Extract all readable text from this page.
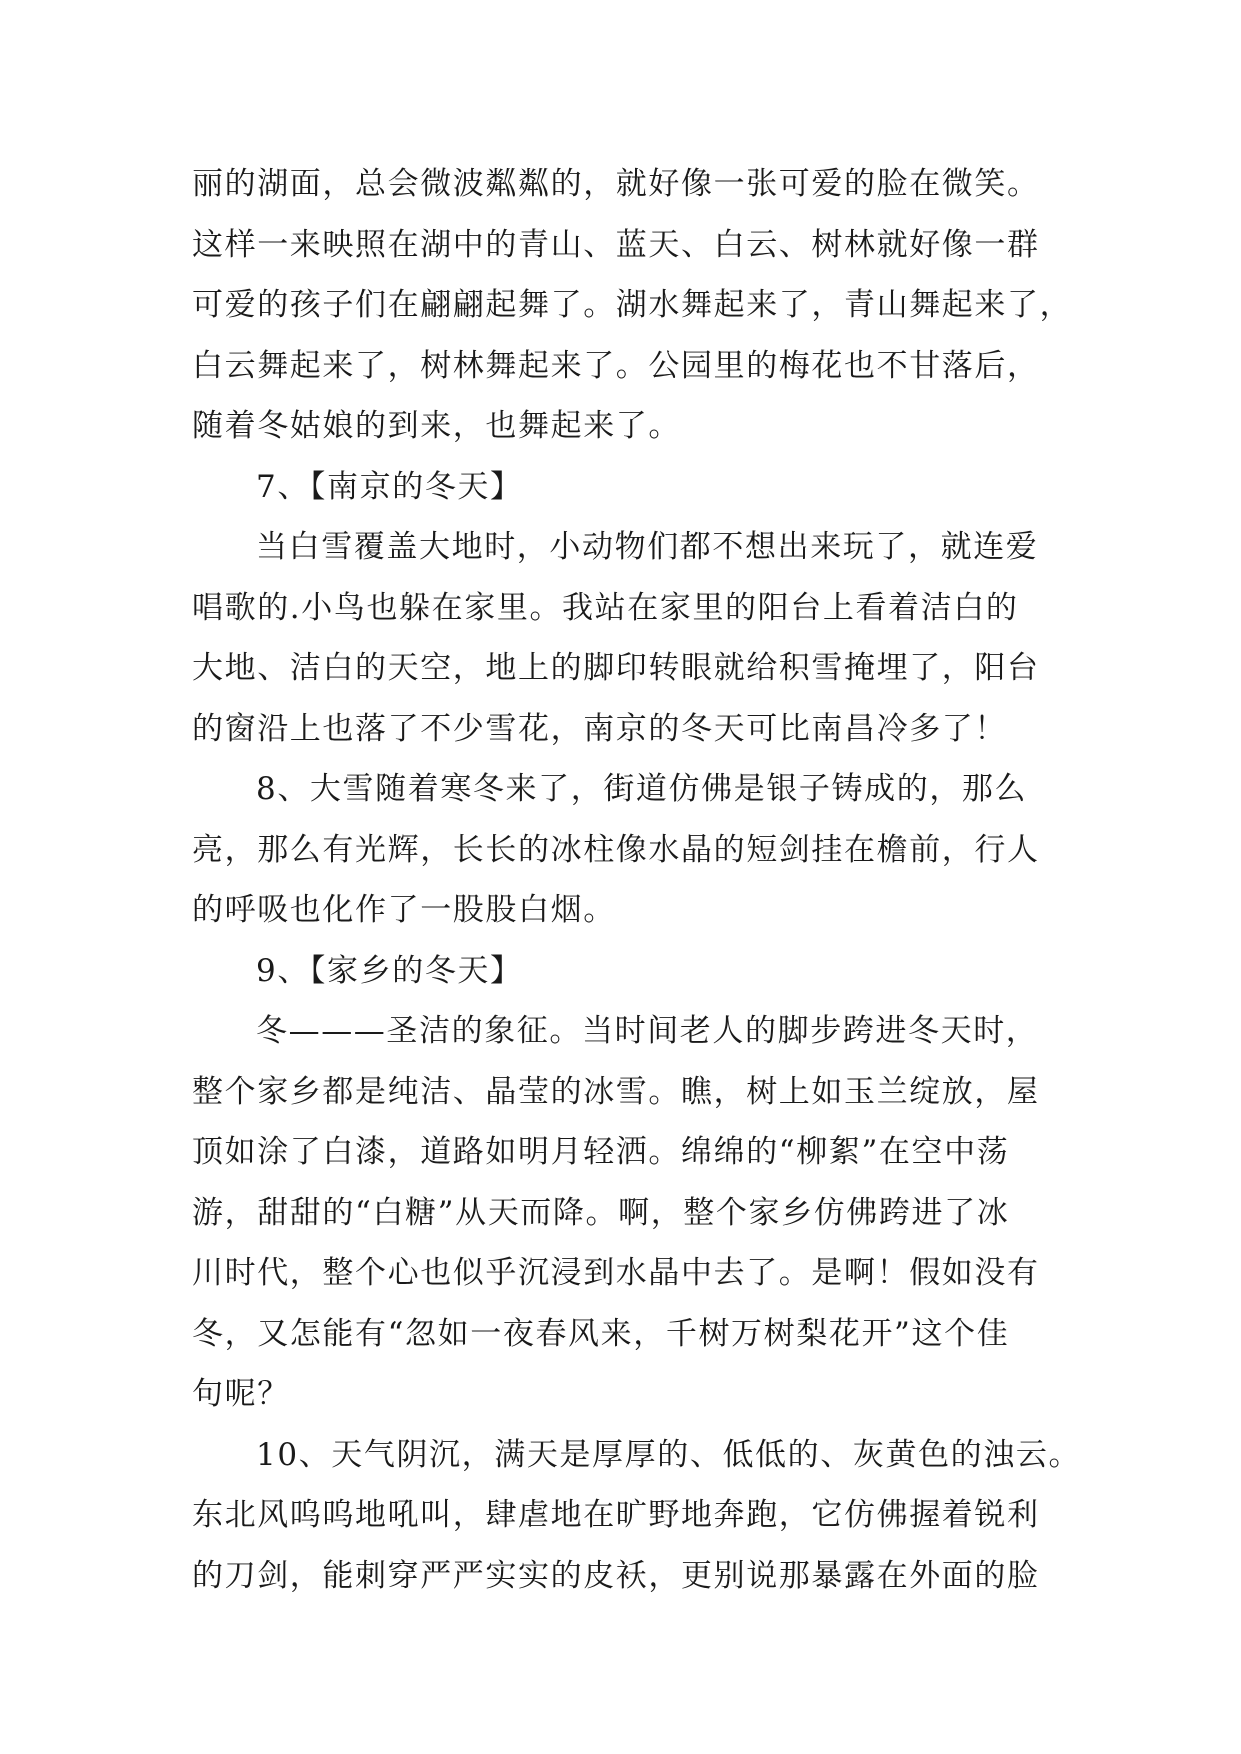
丽的湖面，总会微波粼粼的，就好像一张可爱的脸在微笑。
这样一来映照在湖中的青山、蓝天、白云、树林就好像一群
可爱的孩子们在翩翩起舞了。湖水舞起来了，青山舞起来了，
白云舞起来了，树林舞起来了。公园里的梅花也不甘落后，
随着冬姑娘的到来，也舞起来了。
7、【南京的冬天】
当白雪覆盖大地时，小动物们都不想出来玩了，就连爱
唱歌的.小鸟也躲在家里。我站在家里的阳台上看着洁白的
大地、洁白的天空，地上的脚印转眼就给积雪掩埋了，阳台
的窗沿上也落了不少雪花，南京的冬天可比南昌冷多了！
8、大雪随着寒冬来了，街道仿佛是银子铸成的，那么
亮，那么有光辉，长长的冰柱像水晶的短剑挂在檐前，行人
的呼吸也化作了一股股白烟。
9、【家乡的冬天】
冬———圣洁的象征。当时间老人的脚步跨进冬天时，
整个家乡都是纯洁、晶莹的冰雪。瞧，树上如玉兰绽放，屋
顶如涂了白漆，道路如明月轻洒。绵绵的“柳絮”在空中荡
游，甜甜的“白糖”从天而降。啊，整个家乡仿佛跨进了冰
川时代，整个心也似乎沉浸到水晶中去了。是啊！假如没有
冬，又怎能有“忽如一夜春风来，千树万树梨花开”这个佳
句呢？
10、天气阴沉，满天是厚厚的、低低的、灰黄色的浊云。
东北风呜呜地吼叫，肆虐地在旷野地奔跑，它仿佛握着锐利
的刀剑，能刺穿严严实实的皮袄，更别说那暴露在外面的脸
